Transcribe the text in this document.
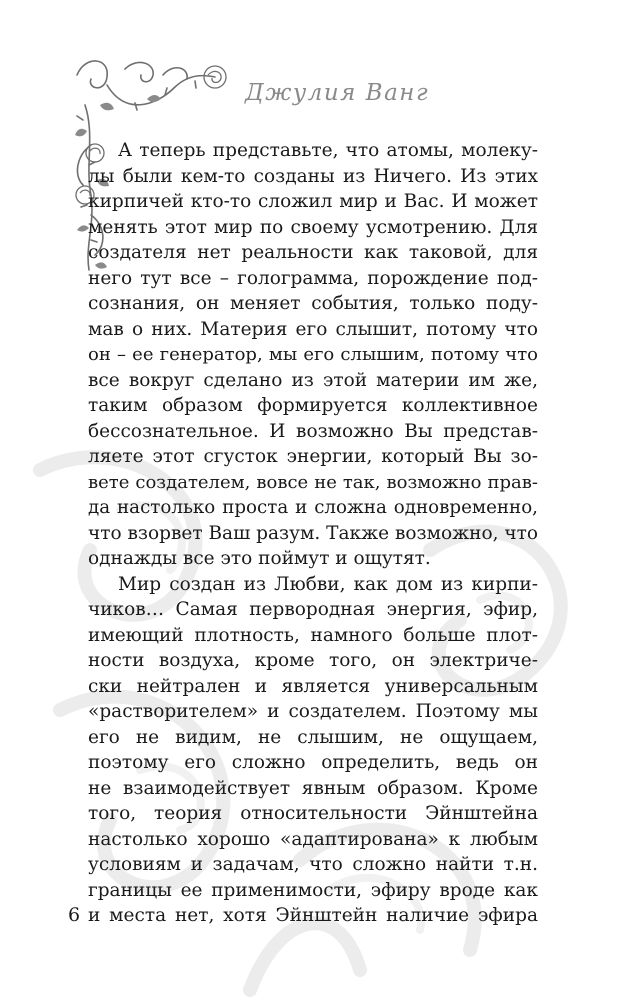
Джулия Ванг
А теперь представьте, что атомы, молеку-
лы были кем-то созданы из Ничего. Из этих
кирпичей кто-то сложил мир и Вас. И может
менять этот мир по своему усмотрению. Для
создателя нет реальности как таковой, для
него тут все – голограмма, порождение под-
сознания, он меняет события, только поду-
мав о них. Материя его слышит, потому что
он – ее генератор, мы его слышим, потому что
все вокруг сделано из этой материи им же,
таким образом формируется коллективное
бессознательное. И возможно Вы представ-
ляете этот сгусток энергии, который Вы зо-
вете создателем, вовсе не так, возможно прав-
да настолько проста и сложна одновременно,
что взорвет Ваш разум. Также возможно, что
однажды все это поймут и ощутят.
Мир создан из Любви, как дом из кирпи-
чиков… Самая первородная энергия, эфир,
имеющий плотность, намного больше плот-
ности воздуха, кроме того, он электриче-
ски нейтрален и является универсальным
«растворителем» и создателем. Поэтому мы
его не видим, не слышим, не ощущаем,
поэтому его сложно определить, ведь он
не взаимодействует явным образом. Кроме
того, теория относительности Эйнштейна
настолько хорошо «адаптирована» к любым
условиям и задачам, что сложно найти т.н.
границы ее применимости, эфиру вроде как
и места нет, хотя Эйнштейн наличие эфира
6
